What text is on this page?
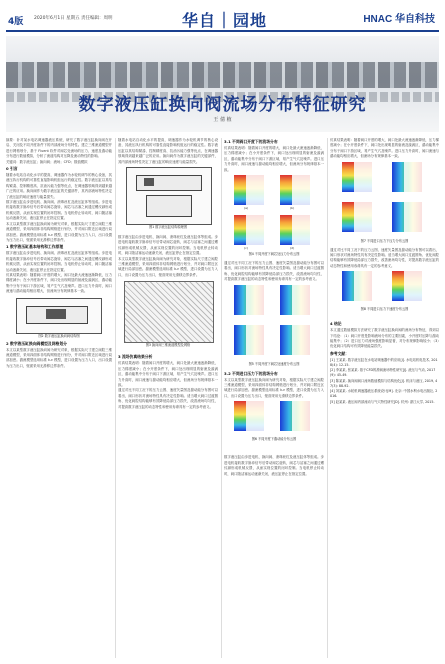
4版 2020年6月1日 星期五 责任编辑：周明	华自｜园地	HNAC 华自科技
数字液压缸换向阀流场分布特征研究
王 倩 植

摘要：针对某水电站调速器液压系统，研究了数字液压缸换向阀在开启、关闭及不同开度条件下的内部流场分布特性。建立三维流道模型并进行网格划分，基于 Fluent 软件对阀芯处流场的压力、速度及湍动能分布进行数值模拟，分析了流道结构对压降及流动特性的影响。

关键词：数字液压缸；换向阀；流场；CFD；数值模拟

0 引言

随着水电站自动化水平的提高，调速器作为水轮机调节的核心设备，其液压执行机构的可靠性直接影响机组运行的稳定性。数字液压缸以其结构紧凑、控制精度高、抗油污能力强等优点，在调速器领域得到越来越广泛的应用。换向阀作为数字液压缸的关键部件，其内部流场特性决定了液压缸的响应速度与能量损失。

数字液压缸由步进电机、换向阀、滚珠丝杠及液压缸体等组成。步进电机接收数字脉冲信号后带动阀芯旋转，阀芯与活塞之间通过螺纹副形成机械反馈，从而实现位置的闭环控制。当电机停止转动时，阀口随活塞运动逐渐关闭，液压缸停止在指定位置。

本文以某型数字液压缸换向阀为研究对象，根据实际尺寸建立阀腔三维流道模型，采用四面体非结构网格进行划分，并对阀口附近区域进行局部加密。湍流模型选用标准 k-ε 模型，进口设置为压力入口，出口设置为压力出口，壁面采用无滑移边界条件。

1 数字液压缸基本结构和工作原理

数字液压缸由步进电机、换向阀、滚珠丝杠及液压缸体等组成。步进电机接收数字脉冲信号后带动阀芯旋转，阀芯与活塞之间通过螺纹副形成机械反馈，从而实现位置的闭环控制。当电机停止转动时，阀口随活塞运动逐渐关闭，液压缸停止在指定位置。

仿真结果表明：随着阀口开度的增大，阀口处最大流速逐渐降低，压力梯度减小；在小开度条件下，阀口处出现明显的射流及漩涡区，湍动能集中分布于阀口下游区域，易产生气穴及噪声。进口压力升高时，阀口流速与湍动能均相应增大，但流场分布规律基本一致。

图2 数字液压缸换向阀结构图

2 数字液压缸换向阀模型及网格划分

本文以某型数字液压缸换向阀为研究对象，根据实际尺寸建立阀腔三维流道模型，采用四面体非结构网格进行划分，并对阀口附近区域进行局部加密。湍流模型选用标准 k-ε 模型，进口设置为压力入口，出口设置为压力出口，壁面采用无滑移边界条件。

随着水电站自动化水平的提高，调速器作为水轮机调节的核心设备，其液压执行机构的可靠性直接影响机组运行的稳定性。数字液压缸以其结构紧凑、控制精度高、抗油污能力强等优点，在调速器领域得到越来越广泛的应用。换向阀作为数字液压缸的关键部件，其内部流场特性决定了液压缸的响应速度与能量损失。

图1 数字液压缸结构原理图

数字液压缸由步进电机、换向阀、滚珠丝杠及液压缸体等组成。步进电机接收数字脉冲信号后带动阀芯旋转，阀芯与活塞之间通过螺纹副形成机械反馈，从而实现位置的闭环控制。当电机停止转动时，阀口随活塞运动逐渐关闭，液压缸停止在指定位置。

本文以某型数字液压缸换向阀为研究对象，根据实际尺寸建立阀腔三维流道模型，采用四面体非结构网格进行划分，并对阀口附近区域进行局部加密。湍流模型选用标准 k-ε 模型，进口设置为压力入口，出口设置为压力出口，壁面采用无滑移边界条件。

图3 换向阀三维流道模型及网格

3 流场仿真结果分析

仿真结果表明：随着阀口开度的增大，阀口处最大流速逐渐降低，压力梯度减小；在小开度条件下，阀口处出现明显的射流及漩涡区，湍动能集中分布于阀口下游区域，易产生气穴及噪声。进口压力升高时，阀口流速与湍动能均相应增大，但流场分布规律基本一致。

通过对比不同工况下的压力云图、速度矢量图及湍动能分布图可以看出，阀口形状对流场特性具有决定性影响。适当增大阀口过渡圆角、优化阀腔结构能够有效降低局部压力损失，改善流场均匀性，对提高数字液压缸的动态特性和使用寿命具有一定的参考意义。

3.1 不同阀口开度下的流场分布

仿真结果表明：随着阀口开度的增大，阀口处最大流速逐渐降低，压力梯度减小；在小开度条件下，阀口处出现明显的射流及漩涡区，湍动能集中分布于阀口下游区域，易产生气穴及噪声。进口压力升高时，阀口流速与湍动能均相应增大，但流场分布规律基本一致。

(a)	(b)
(c)	(d)
图4 不同开度下阀芯处压力分布云图

通过对比不同工况下的压力云图、速度矢量图及湍动能分布图可以看出，阀口形状对流场特性具有决定性影响。适当增大阀口过渡圆角、优化阀腔结构能够有效降低局部压力损失，改善流场均匀性，对提高数字液压缸的动态特性和使用寿命具有一定的参考意义。

图5 不同开度下阀芯处速度分布云图

3.2 不同进口压力下的流场分布

本文以某型数字液压缸换向阀为研究对象，根据实际尺寸建立阀腔三维流道模型，采用四面体非结构网格进行划分，并对阀口附近区域进行局部加密。湍流模型选用标准 k-ε 模型，进口设置为压力入口，出口设置为压力出口，壁面采用无滑移边界条件。

图6 不同开度下湍动能分布云图

数字液压缸由步进电机、换向阀、滚珠丝杠及液压缸体等组成。步进电机接收数字脉冲信号后带动阀芯旋转，阀芯与活塞之间通过螺纹副形成机械反馈，从而实现位置的闭环控制。当电机停止转动时，阀口随活塞运动逐渐关闭，液压缸停止在指定位置。

仿真结果表明：随着阀口开度的增大，阀口处最大流速逐渐降低，压力梯度减小；在小开度条件下，阀口处出现明显的射流及漩涡区，湍动能集中分布于阀口下游区域，易产生气穴及噪声。进口压力升高时，阀口流速与湍动能均相应增大，但流场分布规律基本一致。

图7 不同进口压力下压力分布云图

通过对比不同工况下的压力云图、速度矢量图及湍动能分布图可以看出，阀口形状对流场特性具有决定性影响。适当增大阀口过渡圆角、优化阀腔结构能够有效降低局部压力损失，改善流场均匀性，对提高数字液压缸的动态特性和使用寿命具有一定的参考意义。

图8 不同进口压力下速度分布云图

4 结论

本文通过数值模拟方法研究了数字液压缸换向阀的流场分布特征，得到以下结论：（1）阀口开度是影响流场分布的主要因素，小开度时压降与湍动能集中；（2）进口压力对流场强度影响显著，对分布规律影响较小；（3）优化阀口结构可有效降低能量损失。

参考文献：

[1] 王某某. 数字液压缸在水电站调速器中的应用[J]. 水电站机电技术, 2018(4): 12-15.

[2] 李某某, 张某某. 基于CFD的滑阀流场特性研究[J]. 液压与气动, 2017(9): 45-49.

[3] 陈某某. 换向阀阀口流场数值模拟与结构优化[J]. 机床与液压, 2019, 47(3): 88-92.

[4] 刘某某. 水轮机调速器液压系统设计[M]. 北京: 中国水利水电出版社, 2016.

[5] 赵某某. 液压阀内部流动与气穴特性研究[D]. 杭州: 浙江大学, 2015.
